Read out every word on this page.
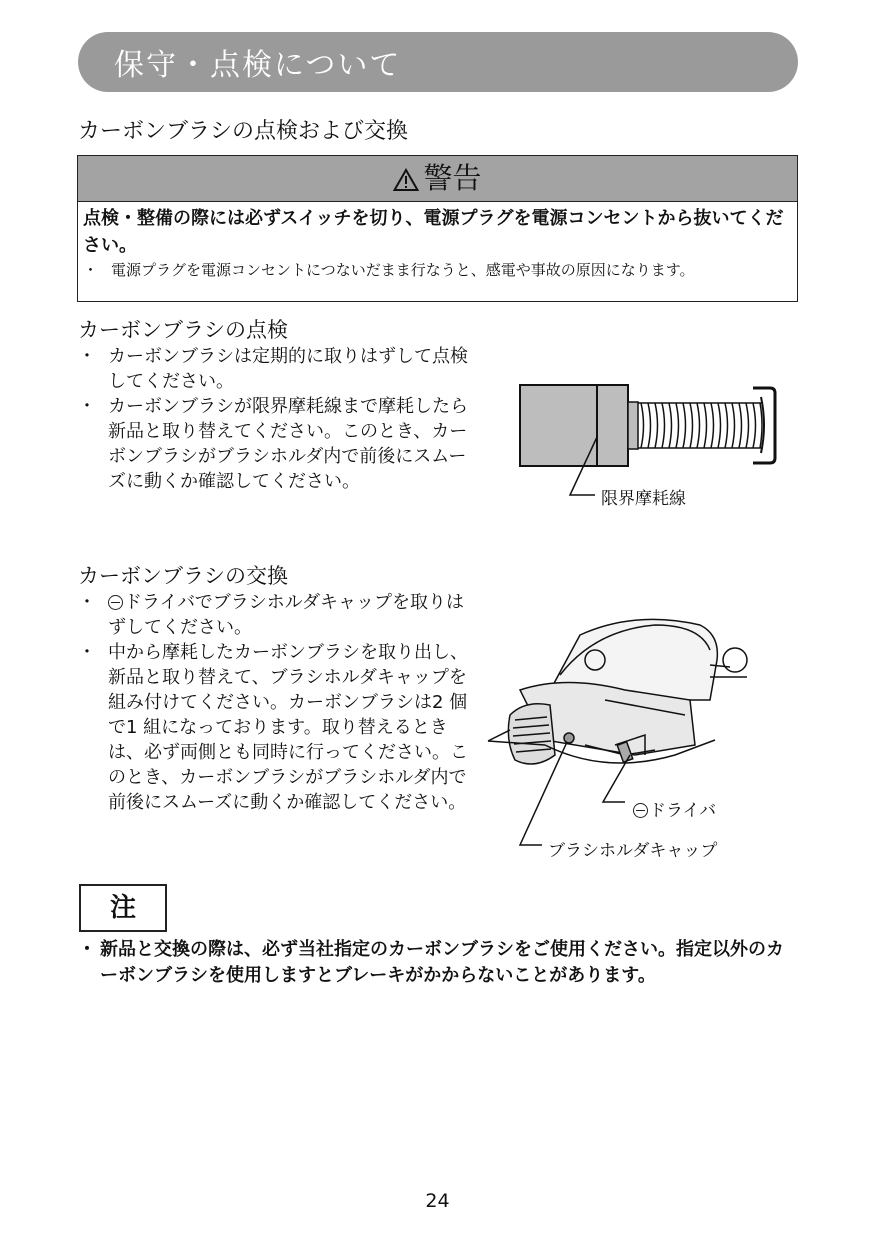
保守・点検について
カーボンブラシの点検および交換
警告
点検・整備の際には必ずスイッチを切り、電源プラグを電源コンセントから抜いてください。
・ 電源プラグを電源コンセントにつないだまま行なうと、感電や事故の原因になります。
カーボンブラシの点検
・ カーボンブラシは定期的に取りはずして点検してください。
・ カーボンブラシが限界摩耗線まで摩耗したら新品と取り替えてください。このとき、カーボンブラシがブラシホルダ内で前後にスムーズに動くか確認してください。
限界摩耗線
カーボンブラシの交換
・ ドライバでブラシホルダキャップを取りはずしてください。
・ 中から摩耗したカーボンブラシを取り出し、新品と取り替えて、ブラシホルダキャップを組み付けてください。カーボンブラシは2 個で1 組になっております。取り替えるときは、必ず両側とも同時に行ってください。このとき、カーボンブラシがブラシホルダ内で前後にスムーズに動くか確認してください。	ドライバ
ブラシホルダキャップ
注
・ 新品と交換の際は、必ず当社指定のカーボンブラシをご使用ください。指定以外のカーボンブラシを使用しますとブレーキがかからないことがあります。
24
